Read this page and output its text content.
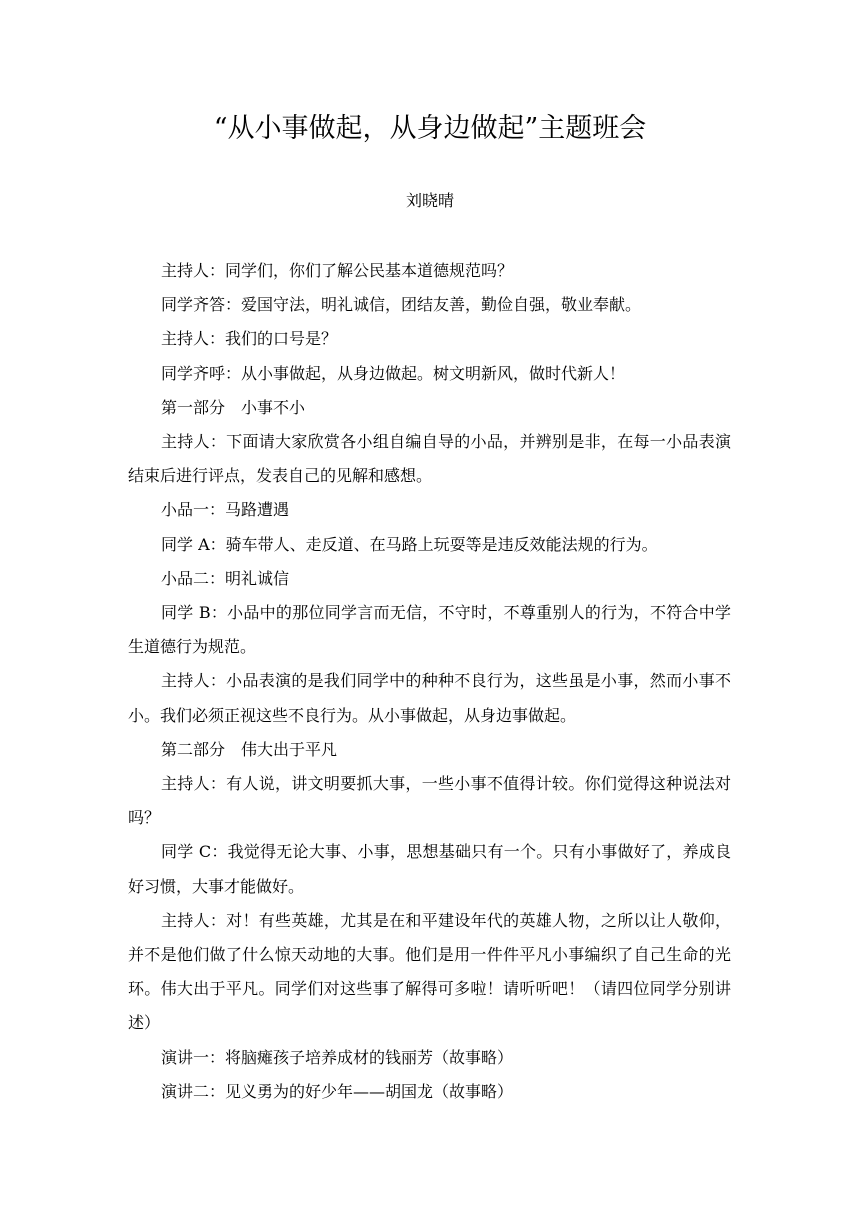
“从小事做起，从身边做起”主题班会
刘晓晴

主持人：同学们，你们了解公民基本道德规范吗？

同学齐答：爱国守法，明礼诚信，团结友善，勤俭自强，敬业奉献。

主持人：我们的口号是？

同学齐呼：从小事做起，从身边做起。树文明新风，做时代新人！

第一部分　小事不小

主持人：下面请大家欣赏各小组自编自导的小品，并辨别是非，在每一小品表演结束后进行评点，发表自己的见解和感想。

小品一：马路遭遇

同学 A：骑车带人、走反道、在马路上玩耍等是违反效能法规的行为。

小品二：明礼诚信

同学 B：小品中的那位同学言而无信，不守时，不尊重别人的行为，不符合中学生道德行为规范。

主持人：小品表演的是我们同学中的种种不良行为，这些虽是小事，然而小事不小。我们必须正视这些不良行为。从小事做起，从身边事做起。

第二部分　伟大出于平凡

主持人：有人说，讲文明要抓大事，一些小事不值得计较。你们觉得这种说法对吗？

同学 C：我觉得无论大事、小事，思想基础只有一个。只有小事做好了，养成良好习惯，大事才能做好。

主持人：对！有些英雄，尤其是在和平建设年代的英雄人物，之所以让人敬仰，并不是他们做了什么惊天动地的大事。他们是用一件件平凡小事编织了自己生命的光环。伟大出于平凡。同学们对这些事了解得可多啦！请听听吧！（请四位同学分别讲述）

演讲一：将脑瘫孩子培养成材的钱丽芳（故事略）

演讲二：见义勇为的好少年——胡国龙（故事略）
